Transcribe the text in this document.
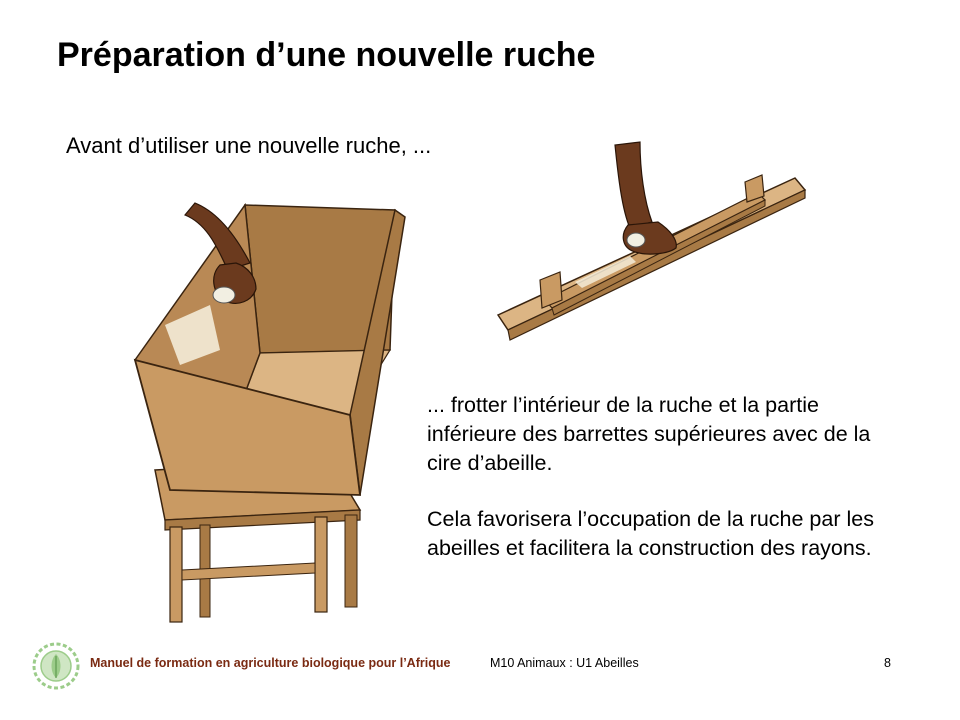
Préparation d’une nouvelle ruche
Avant d’utiliser une nouvelle ruche, ...

... frotter l’intérieur de la ruche et la partie inférieure des barrettes supérieures avec de la cire d’abeille.

Cela favorisera l’occupation de la ruche par les abeilles et facilitera la construction des rayons.

Manuel de formation en agriculture biologique pour l’Afrique	M10 Animaux : U1 Abeilles	8
